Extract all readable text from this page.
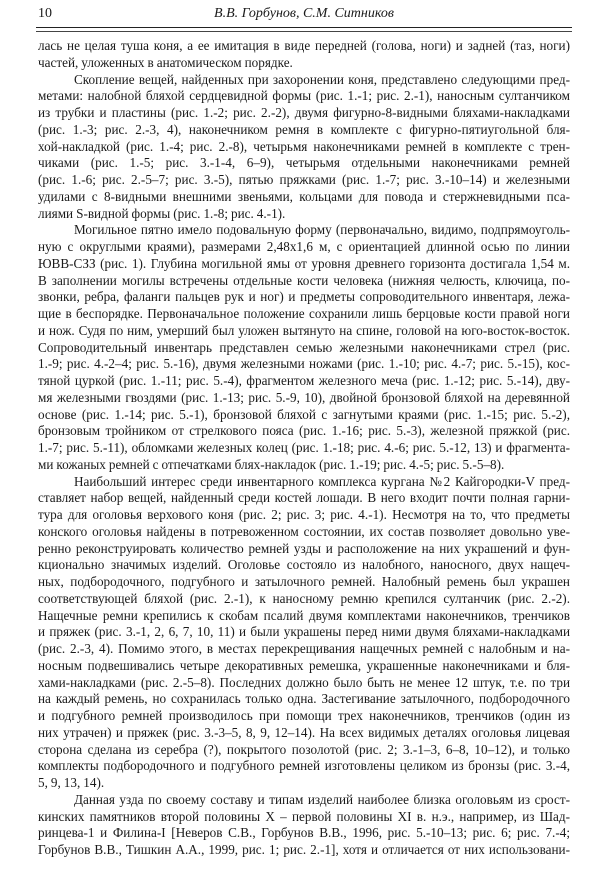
10	В.В. Горбунов, С.М. Ситников
лась не целая туша коня, а ее имитация в виде передней (голова, ноги) и задней (таз, ноги)
частей, уложенных в анатомическом порядке.
Скопление вещей, найденных при захоронении коня, представлено следующими пред-
метами: налобной бляхой сердцевидной формы (рис. 1.-1; рис. 2.-1), наносным султанчиком
из трубки и пластины (рис. 1.-2; рис. 2.-2), двумя фигурно-8-видными бляхами-накладками
(рис. 1.-3; рис. 2.-3, 4), наконечником ремня в комплекте с фигурно-пятиугольной бля-
хой-накладкой (рис. 1.-4; рис. 2.-8), четырьмя наконечниками ремней в комплекте с трен-
чиками (рис. 1.-5; рис. 3.-1-4, 6–9), четырьмя отдельными наконечниками ремней
(рис. 1.-6; рис. 2.-5–7; рис. 3.-5), пятью пряжками (рис. 1.-7; рис. 3.-10–14) и железными
удилами с 8-видными внешними звеньями, кольцами для повода и стержневидными пса-
лиями S-видной формы (рис. 1.-8; рис. 4.-1).
Могильное пятно имело подовальную форму (первоначально, видимо, подпрямоуголь-
ную с округлыми краями), размерами 2,48x1,6 м, с ориентацией длинной осью по линии
ЮВВ-СЗЗ (рис. 1). Глубина могильной ямы от уровня древнего горизонта достигала 1,54 м.
В заполнении могилы встречены отдельные кости человека (нижняя челюсть, ключица, по-
звонки, ребра, фаланги пальцев рук и ног) и предметы сопроводительного инвентаря, лежа-
щие в беспорядке. Первоначальное положение сохранили лишь берцовые кости правой ноги
и нож. Судя по ним, умерший был уложен вытянуто на спине, головой на юго-восток-восток.
Сопроводительный инвентарь представлен семью железными наконечниками стрел (рис.
1.-9; рис. 4.-2–4; рис. 5.-16), двумя железными ножами (рис. 1.-10; рис. 4.-7; рис. 5.-15), кос-
тяной цуркой (рис. 1.-11; рис. 5.-4), фрагментом железного меча (рис. 1.-12; рис. 5.-14), дву-
мя железными гвоздями (рис. 1.-13; рис. 5.-9, 10), двойной бронзовой бляхой на деревянной
основе (рис. 1.-14; рис. 5.-1), бронзовой бляхой с загнутыми краями (рис. 1.-15; рис. 5.-2),
бронзовым тройником от стрелкового пояса (рис. 1.-16; рис. 5.-3), железной пряжкой (рис.
1.-7; рис. 5.-11), обломками железных колец (рис. 1.-18; рис. 4.-6; рис. 5.-12, 13) и фрагмента-
ми кожаных ремней с отпечатками блях-накладок (рис. 1.-19; рис. 4.-5; рис. 5.-5–8).
Наибольший интерес среди инвентарного комплекса кургана №2 Кайгородки-V пред-
ставляет набор вещей, найденный среди костей лошади. В него входит почти полная гарни-
тура для оголовья верхового коня (рис. 2; рис. 3; рис. 4.-1). Несмотря на то, что предметы
конского оголовья найдены в потревоженном состоянии, их состав позволяет довольно уве-
ренно реконструировать количество ремней узды и расположение на них украшений и фун-
кционально значимых изделий. Оголовье состояло из налобного, наносного, двух нащеч-
ных, подбородочного, подгубного и затылочного ремней. Налобный ремень был украшен
соответствующей бляхой (рис. 2.-1), к наносному ремню крепился султанчик (рис. 2.-2).
Нащечные ремни крепились к скобам псалий двумя комплектами наконечников, тренчиков
и пряжек (рис. 3.-1, 2, 6, 7, 10, 11) и были украшены перед ними двумя бляхами-накладками
(рис. 2.-3, 4). Помимо этого, в местах перекрещивания нащечных ремней с налобным и на-
носным подвешивались четыре декоративных ремешка, украшенные наконечниками и бля-
хами-накладками (рис. 2.-5–8). Последних должно было быть не менее 12 штук, т.е. по три
на каждый ремень, но сохранилась только одна. Застегивание затылочного, подбородочного
и подгубного ремней производилось при помощи трех наконечников, тренчиков (один из
них утрачен) и пряжек (рис. 3.-3–5, 8, 9, 12–14). На всех видимых деталях оголовья лицевая
сторона сделана из серебра (?), покрытого позолотой (рис. 2; 3.-1–3, 6–8, 10–12), и только
комплекты подбородочного и подгубного ремней изготовлены целиком из бронзы (рис. 3.-4,
5, 9, 13, 14).
Данная узда по своему составу и типам изделий наиболее близка оголовьям из срост-
кинских памятников второй половины X – первой половины XI в. н.э., например, из Шад-
ринцева-1 и Филина-I [Неверов С.В., Горбунов В.В., 1996, рис. 5.-10–13; рис. 6; рис. 7.-4;
Горбунов В.В., Тишкин А.А., 1999, рис. 1; рис. 2.-1], хотя и отличается от них использовани-
